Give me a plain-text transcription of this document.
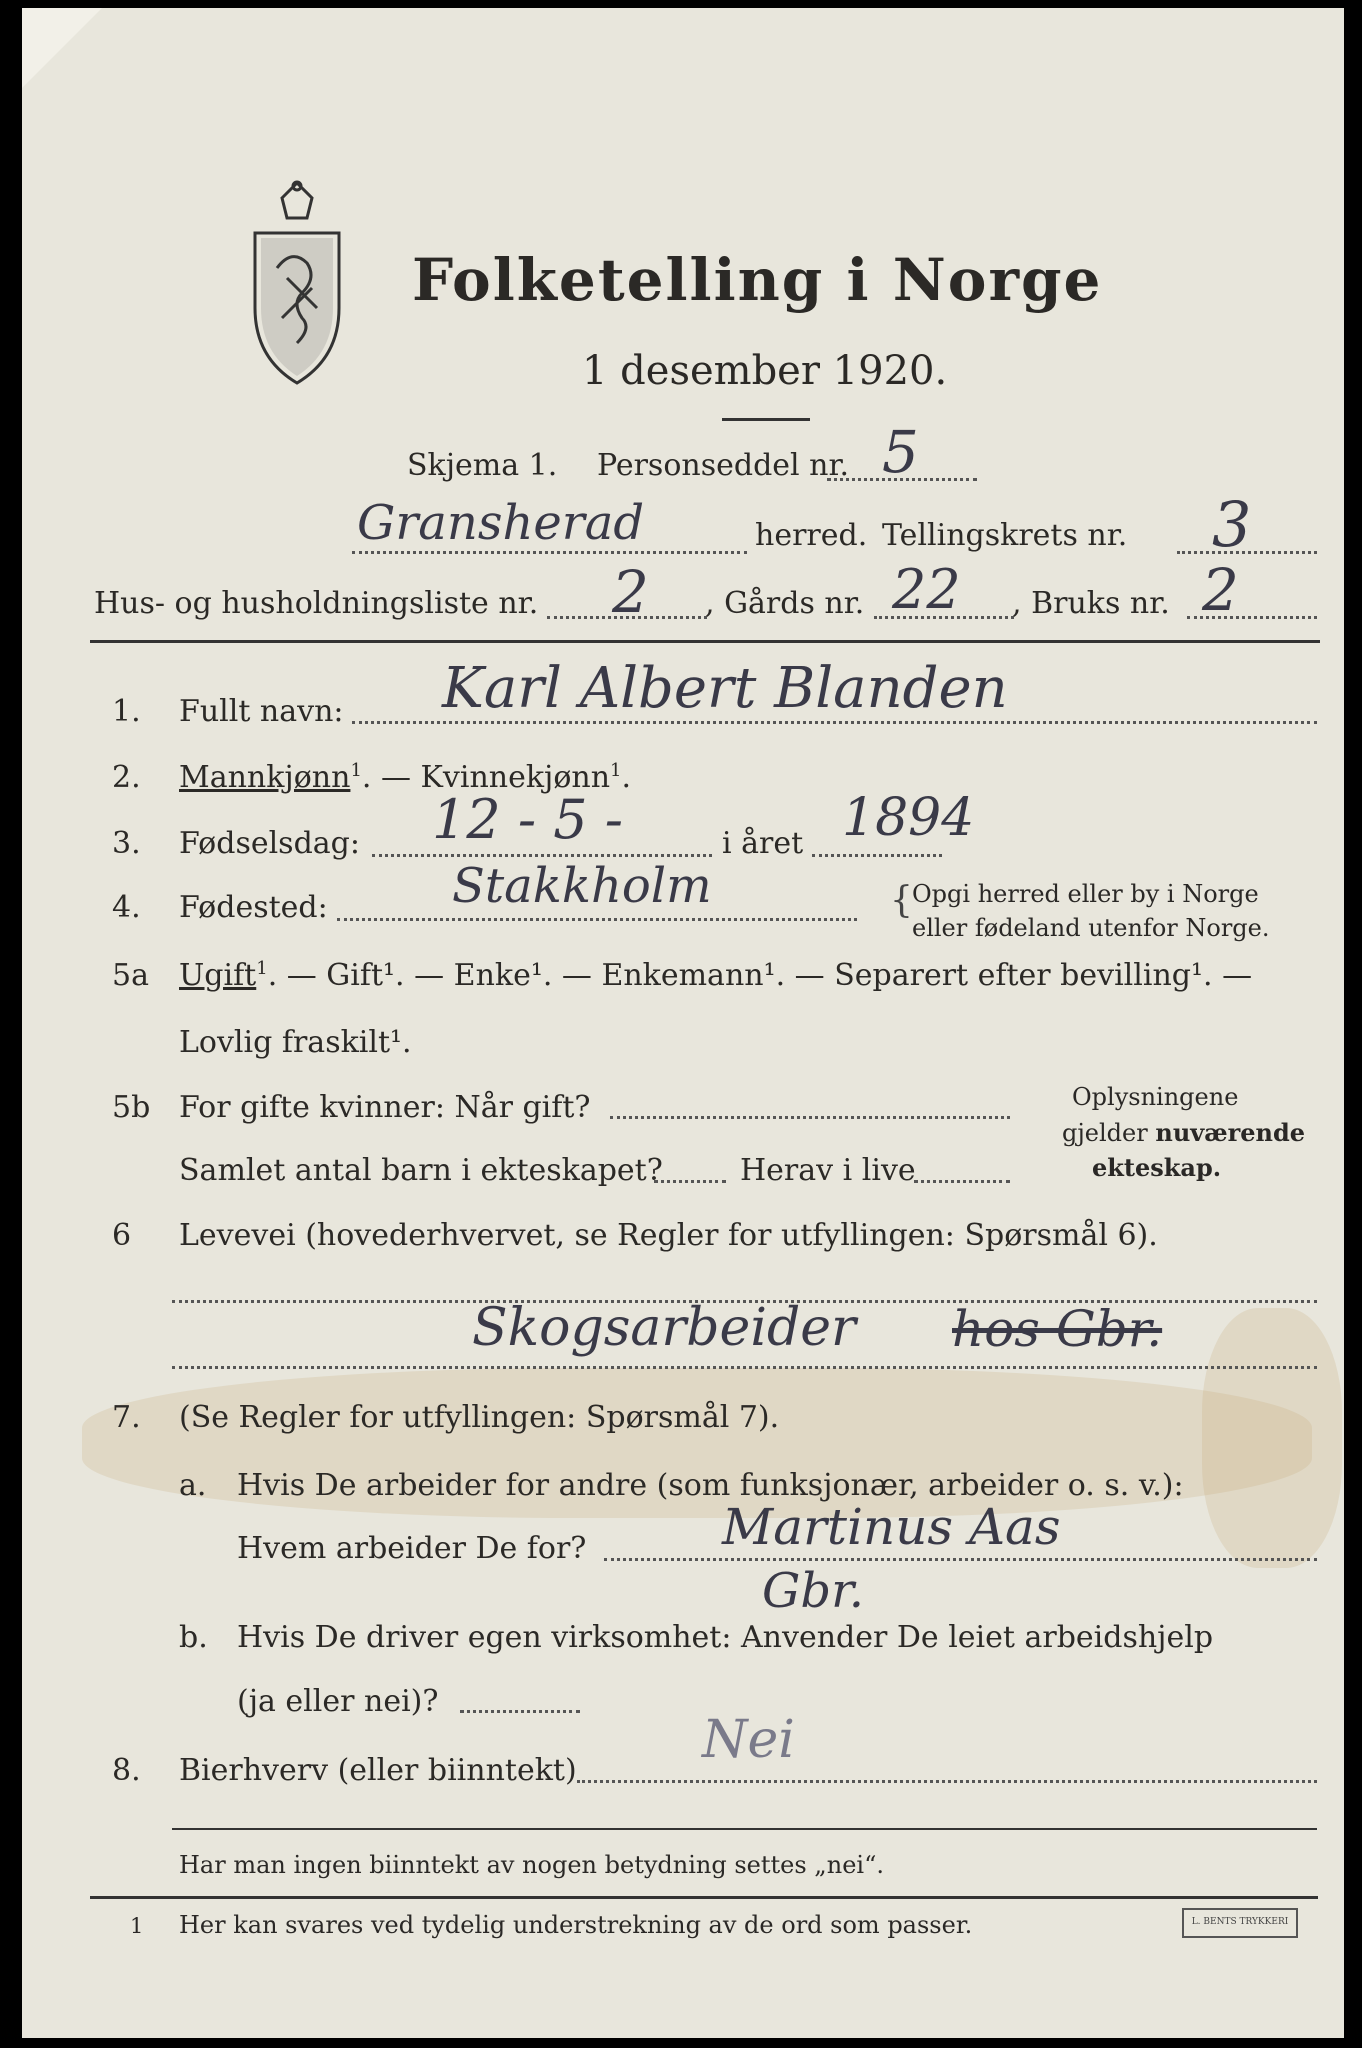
Folketelling i Norge
1 desember 1920.
Skjema 1. Personseddel nr. 5
Gransherad	herred. Tellingskrets nr. 3
Hus- og husholdningsliste nr. 2 , Gårds nr. 22 , Bruks nr. 2
1. Fullt navn: Karl Albert Blanden
2. Mannkjønn$^1$. — Kvinnekjønn$^1$.
3. Fødselsdag: 12 - 5 -	i året 1894
4. Fødested:	Stakkholm	{ Opgi herred eller by i Norge
eller fødeland utenfor Norge.
5a Ugift$^1$. — Gift¹. — Enke¹. — Enkemann¹. — Separert efter bevilling¹. —
Lovlig fraskilt¹.
5b For gifte kvinner: Når gift?
Samlet antal barn i ekteskapet?	Herav i live
Oplysningene
gjelder nuværende
ekteskap.
6 Levevei (hovederhvervet, se Regler for utfyllingen: Spørsmål 6).
Skogsarbeider hos Gbr.
7. (Se Regler for utfyllingen: Spørsmål 7).
a. Hvis De arbeider for andre (som funksjonær, arbeider o. s. v.):
Hvem arbeider De for?	Martinus Aas
Gbr.
b. Hvis De driver egen virksomhet: Anvender De leiet arbeidshjelp
(ja eller nei)?
8. Bierhverv (eller biinntekt)
Nei
Har man ingen biinntekt av nogen betydning settes „nei“.
1 Her kan svares ved tydelig understrekning av de ord som passer.	L. BENTS TRYKKERI
